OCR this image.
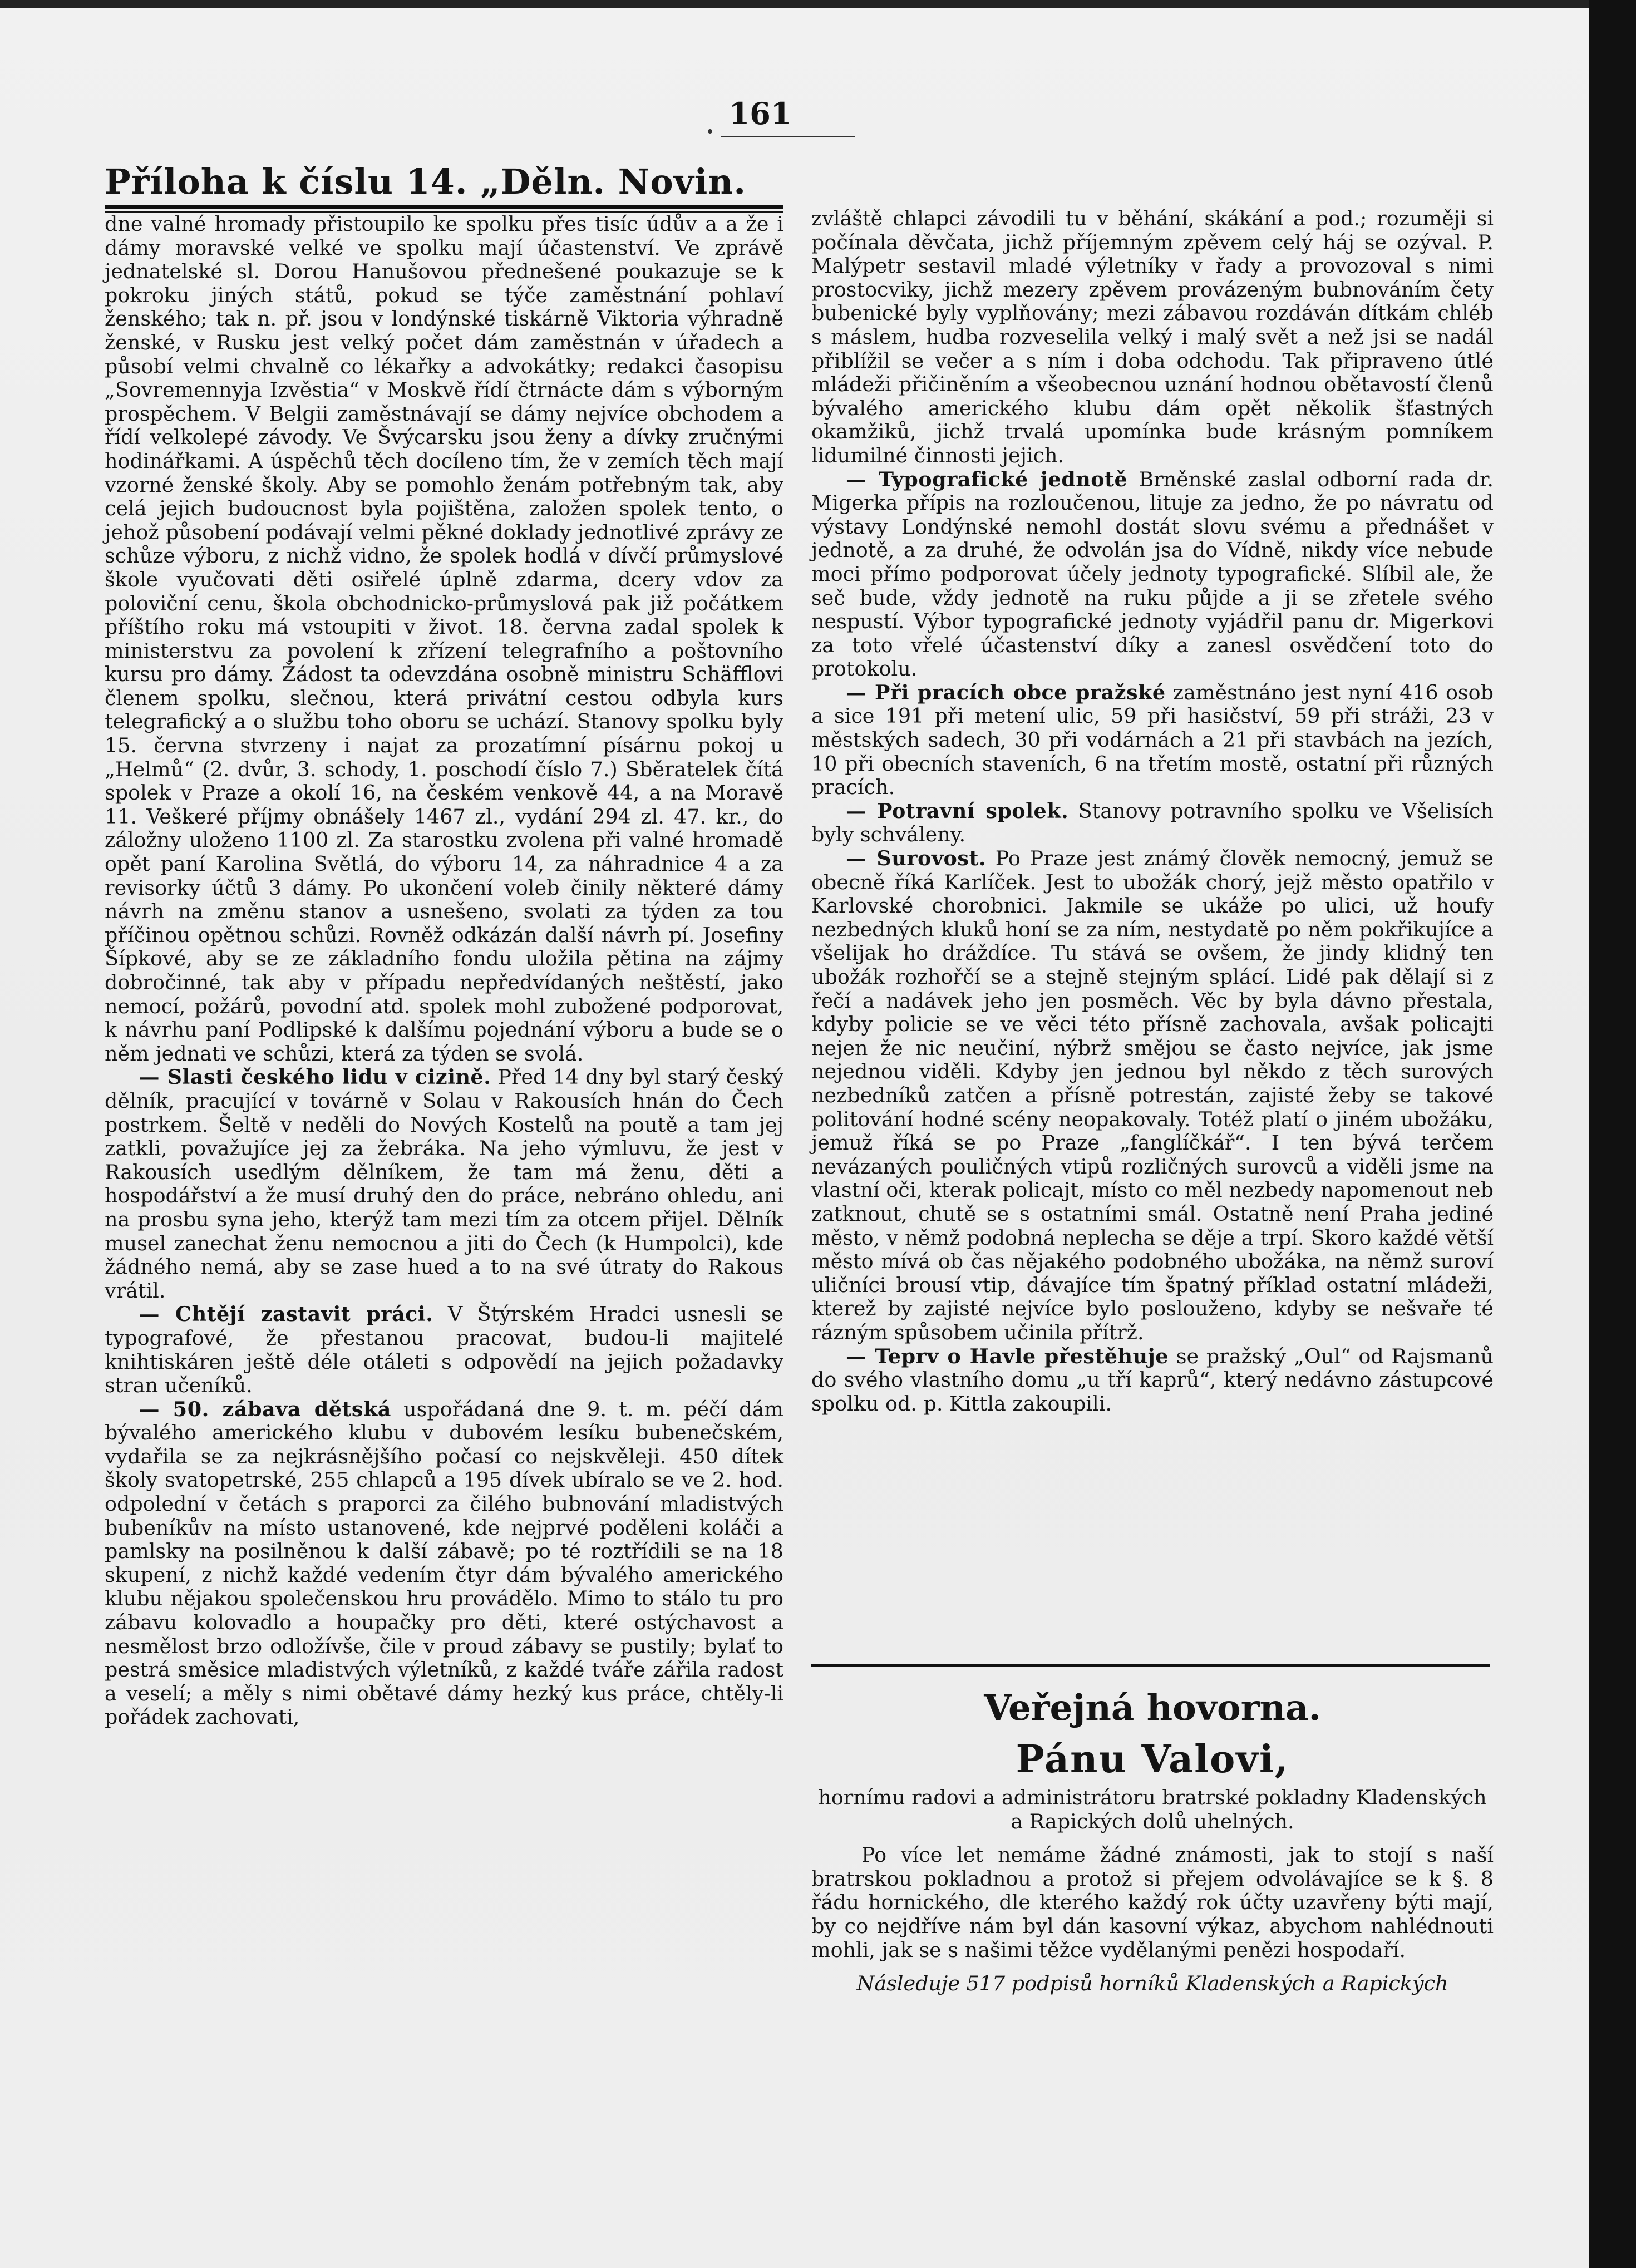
161
Příloha k číslu 14. „Děln. Novin.

dne valné hromady přistoupilo ke spolku přes tisíc údův a a že i dámy moravské velké ve spolku mají účastenství. Ve zprávě jednatelské sl. Dorou Hanušovou přednešené poukazuje se k pokroku jiných států, pokud se týče zaměstnání pohlaví ženského; tak n. př. jsou v londýnské tiskárně Viktoria výhradně ženské, v Rusku jest velký počet dám zaměstnán v úřadech a působí velmi chvalně co lékařky a advokátky; redakci časopisu „Sovremennyja Izvěstia“ v Moskvě řídí čtrnácte dám s výborným prospěchem. V Belgii zaměstnávají se dámy nejvíce obchodem a řídí velkolepé závody. Ve Švýcarsku jsou ženy a dívky zručnými hodinářkami. A úspěchů těch docíleno tím, že v zemích těch mají vzorné ženské školy. Aby se pomohlo ženám potřebným tak, aby celá jejich budoucnost byla pojištěna, založen spolek tento, o jehož působení podávají velmi pěkné doklady jednotlivé zprávy ze schůze výboru, z nichž vidno, že spolek hodlá v dívčí průmyslové škole vyučovati děti osiřelé úplně zdarma, dcery vdov za poloviční cenu, škola obchodnicko-průmyslová pak již počátkem příštího roku má vstoupiti v život. 18. června zadal spolek k ministerstvu za povolení k zřízení telegrafního a poštovního kursu pro dámy. Žádost ta odevzdána osobně ministru Schäfflovi členem spolku, slečnou, která privátní cestou odbyla kurs telegrafický a o službu toho oboru se uchází. Stanovy spolku byly 15. června stvrzeny i najat za prozatímní písárnu pokoj u „Helmů“ (2. dvůr, 3. schody, 1. poschodí číslo 7.) Sběratelek čítá spolek v Praze a okolí 16, na českém venkově 44, a na Moravě 11. Veškeré příjmy obnášely 1467 zl., vydání 294 zl. 47. kr., do záložny uloženo 1100 zl. Za starostku zvolena při valné hromadě opět paní Karolina Světlá, do výboru 14, za náhradnice 4 a za revisorky účtů 3 dámy. Po ukončení voleb činily některé dámy návrh na změnu stanov a usnešeno, svolati za týden za tou příčinou opětnou schůzi. Rovněž odkázán další návrh pí. Josefiny Šípkové, aby se ze základního fondu uložila pětina na zájmy dobročinné, tak aby v případu nepředvídaných neštěstí, jako nemocí, požárů, povodní atd. spolek mohl zubožené podporovat, k návrhu paní Podlipské k dalšímu pojednání výboru a bude se o něm jednati ve schůzi, která za týden se svolá.

— Slasti českého lidu v cizině. Před 14 dny byl starý český dělník, pracující v továrně v Solau v Rakousích hnán do Čech postrkem. Šeltě v neděli do Nových Kostelů na poutě a tam jej zatkli, považujíce jej za žebráka. Na jeho výmluvu, že jest v Rakousích usedlým dělníkem, že tam má ženu, děti a hospodářství a že musí druhý den do práce, nebráno ohledu, ani na prosbu syna jeho, kterýž tam mezi tím za otcem přijel. Dělník musel zanechat ženu nemocnou a jiti do Čech (k Humpolci), kde žádného nemá, aby se zase hued a to na své útraty do Rakous vrátil.

— Chtějí zastavit práci. V Štýrském Hradci usnesli se typografové, že přestanou pracovat, budou-li majitelé knihtiskáren ještě déle otáleti s odpovědí na jejich požadavky stran učeníků.

— 50. zábava dětská uspořádaná dne 9. t. m. péčí dám bývalého amerického klubu v dubovém lesíku bubenečském, vydařila se za nejkrásnějšího počasí co nejskvěleji. 450 dítek školy svatopetrské, 255 chlapců a 195 dívek ubíralo se ve 2. hod. odpolední v četách s praporci za čilého bubnování mladistvých bubeníkův na místo ustanovené, kde nejprvé poděleni koláči a pamlsky na posilněnou k další zábavě; po té roztřídili se na 18 skupení, z nichž každé vedením čtyr dám bývalého amerického klubu nějakou společenskou hru provádělo. Mimo to stálo tu pro zábavu kolovadlo a houpačky pro děti, které ostýchavost a nesmělost brzo odložívše, čile v proud zábavy se pustily; bylať to pestrá směsice mladistvých výletníků, z každé tváře zářila radost a veselí; a měly s nimi obětavé dámy hezký kus práce, chtěly-li pořádek zachovati,

zvláště chlapci závodili tu v běhání, skákání a pod.; rozuměji si počínala děvčata, jichž příjemným zpěvem celý háj se ozýval. P. Malýpetr sestavil mladé výletníky v řady a provozoval s nimi prostocviky, jichž mezery zpěvem provázeným bubnováním čety bubenické byly vyplňovány; mezi zábavou rozdáván dítkám chléb s máslem, hudba rozveselila velký i malý svět a než jsi se nadál přiblížil se večer a s ním i doba odchodu. Tak připraveno útlé mládeži přičiněním a všeobecnou uznání hodnou obětavostí členů bývalého amerického klubu dám opět několik šťastných okamžiků, jichž trvalá upomínka bude krásným pomníkem lidumilné činnosti jejich.

— Typografické jednotě Brněnské zaslal odborní rada dr. Migerka přípis na rozloučenou, lituje za jedno, že po návratu od výstavy Londýnské nemohl dostát slovu svému a přednášet v jednotě, a za druhé, že odvolán jsa do Vídně, nikdy více nebude moci přímo podporovat účely jednoty typografické. Slíbil ale, že seč bude, vždy jednotě na ruku půjde a ji se zřetele svého nespustí. Výbor typografické jednoty vyjádřil panu dr. Migerkovi za toto vřelé účastenství díky a zanesl osvědčení toto do protokolu.

— Při pracích obce pražské zaměstnáno jest nyní 416 osob a sice 191 při metení ulic, 59 při hasičství, 59 při stráži, 23 v městských sadech, 30 při vodárnách a 21 při stavbách na jezích, 10 při obecních staveních, 6 na třetím mostě, ostatní při různých pracích.

— Potravní spolek. Stanovy potravního spolku ve Všelisích byly schváleny.

— Surovost. Po Praze jest známý člověk nemocný, jemuž se obecně říká Karlíček. Jest to ubožák chorý, jejž město opatřilo v Karlovské chorobnici. Jakmile se ukáže po ulici, už houfy nezbedných kluků honí se za ním, nestydatě po něm pokřikujíce a všelijak ho dráždíce. Tu stává se ovšem, že jindy klidný ten ubožák rozhořčí se a stejně stejným splácí. Lidé pak dělají si z řečí a nadávek jeho jen posměch. Věc by byla dávno přestala, kdyby policie se ve věci této přísně zachovala, avšak policajti nejen že nic neučiní, nýbrž smějou se často nejvíce, jak jsme nejednou viděli. Kdyby jen jednou byl někdo z těch surových nezbedníků zatčen a přísně potrestán, zajisté žeby se takové politování hodné scény neopakovaly. Totéž platí o jiném ubožáku, jemuž říká se po Praze „fanglíčkář“. I ten bývá terčem nevázaných pouličných vtipů rozličných surovců a viděli jsme na vlastní oči, kterak policajt, místo co měl nezbedy napomenout neb zatknout, chutě se s ostatními smál. Ostatně není Praha jediné město, v němž podobná neplecha se děje a trpí. Skoro každé větší město mívá ob čas nějakého podobného ubožáka, na němž suroví uličníci brousí vtip, dávajíce tím špatný příklad ostatní mládeži, kterež by zajisté nejvíce bylo poslouženo, kdyby se nešvaře té rázným spůsobem učinila přítrž.

— Teprv o Havle přestěhuje se pražský „Oul“ od Rajsmanů do svého vlastního domu „u tří kaprů“, který nedávno zástupcové spolku od. p. Kittla zakoupili.

Veřejná hovorna.
Pánu Valovi,
hornímu radovi a administrátoru bratrské pokladny Kladenských a Rapických dolů uhelných.
Po více let nemáme žádné známosti, jak to stojí s naší bratrskou pokladnou a protož si přejem odvolávajíce se k §. 8 řádu hornického, dle kterého každý rok účty uzavřeny býti mají, by co nejdříve nám byl dán kasovní výkaz, abychom nahlédnouti mohli, jak se s našimi těžce vydělanými penězi hospodaří.
Následuje 517 podpisů horníků Kladenských a Rapických
